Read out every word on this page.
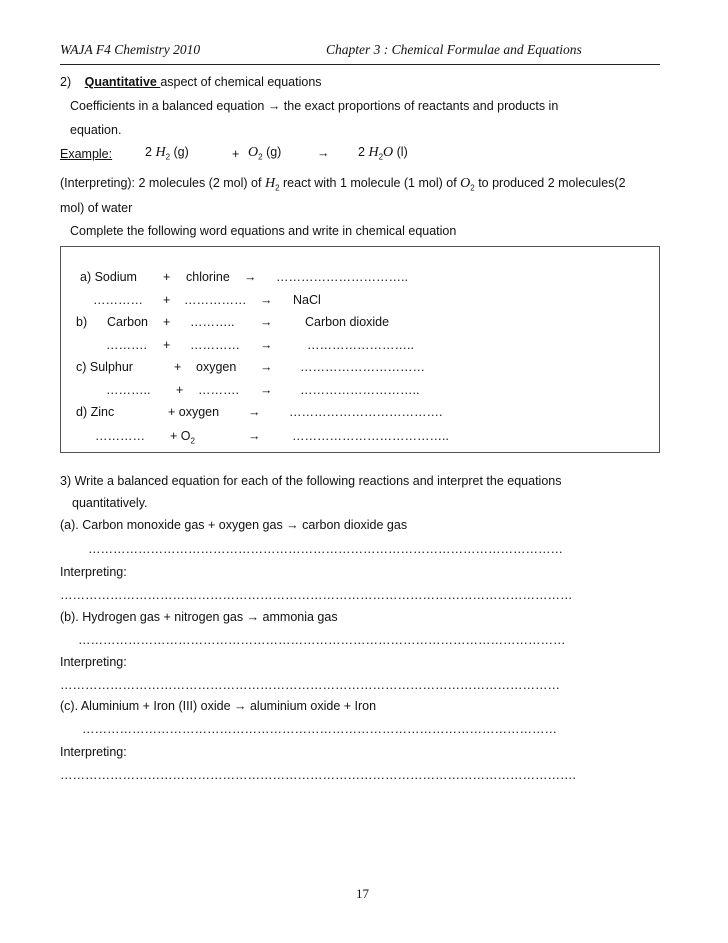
WAJA F4 Chemistry 2010	Chapter 3 : Chemical Formulae and Equations
2) Quantitative aspect of chemical equations
Coefficients in a balanced equation → the exact proportions of reactants and products in
equation.
Example:	2 $H_2$ (g)	+ $O_2$ (g)	→ 2 $H_2O$ (l)
(Interpreting): 2 molecules (2 mol) of $H_2$ react with 1 molecule (1 mol) of $O_2$ to produced 2 molecules(2
mol) of water
Complete the following word equations and write in chemical equation
a) Sodium + chlorine → …………………………..
………… + …………… → NaCl
b) Carbon + ……….. →	Carbon dioxide
………. + ………… →	……………………..
c) Sulphur	+ oxygen → …………………………
……….. + ………. → ………………………..
d) Zinc	+ oxygen → ……………………………….
………… + $O_2$	→	………………………………..
3) Write a balanced equation for each of the following reactions and interpret the equations
quantitatively.
(a). Carbon monoxide gas + oxygen gas → carbon dioxide gas
……………………………………………………………………………………………………
Interpreting:
……………………………………………………………………………………………………………
(b). Hydrogen gas + nitrogen gas → ammonia gas
………………………………………………………………………………………………………
Interpreting:
…………………………………………………………………………………………………………
(c). Aluminium + Iron (III) oxide → aluminium oxide + Iron
……………………………………………………………………………………………………
Interpreting:
…………………………………………………………………………………………………………….
17
